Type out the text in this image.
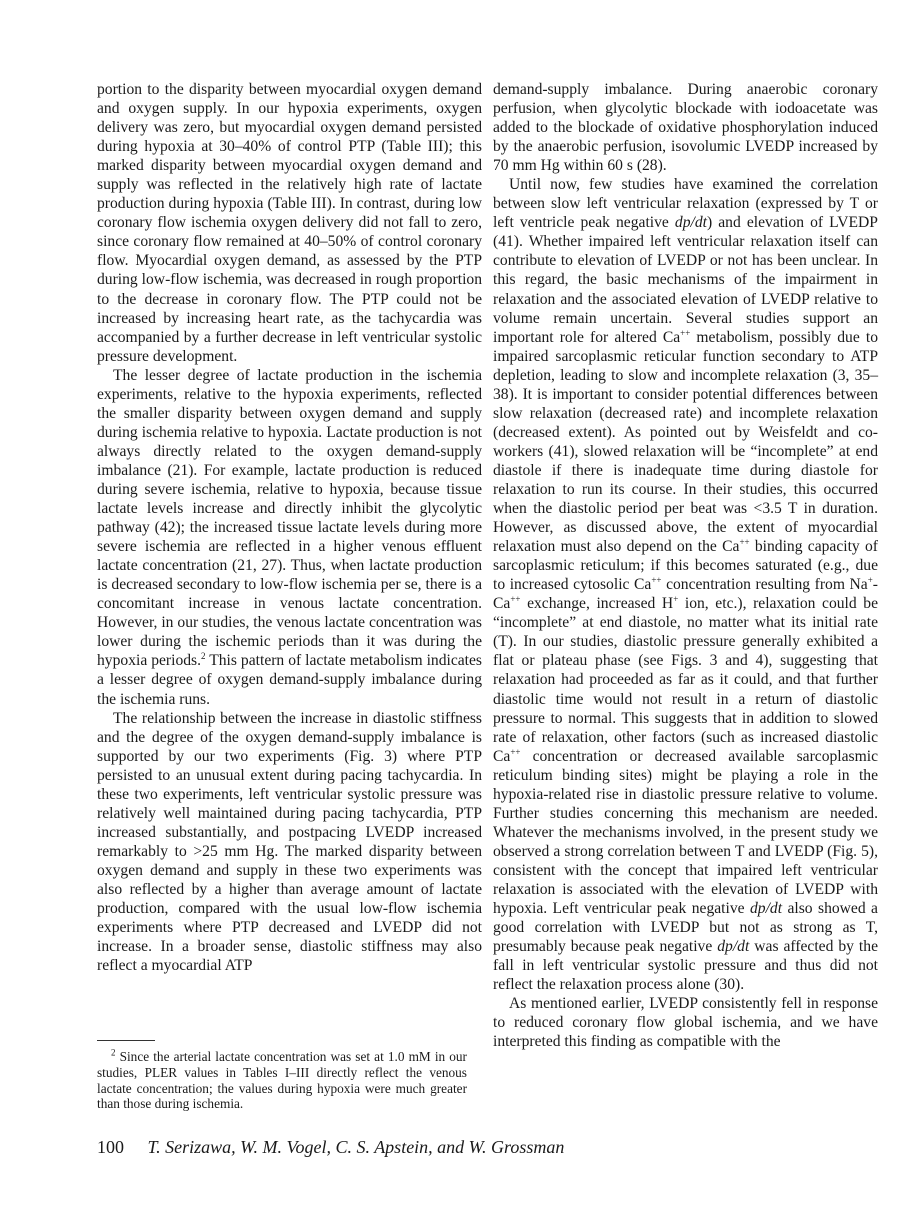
portion to the disparity between myocardial oxygen demand and oxygen supply. In our hypoxia experiments, oxygen delivery was zero, but myocardial oxygen demand persisted during hypoxia at 30–40% of control PTP (Table III); this marked disparity between myocardial oxygen demand and supply was reflected in the relatively high rate of lactate production during hypoxia (Table III). In contrast, during low coronary flow ischemia oxygen delivery did not fall to zero, since coronary flow remained at 40–50% of control coronary flow. Myocardial oxygen demand, as assessed by the PTP during low-flow ischemia, was decreased in rough proportion to the decrease in coronary flow. The PTP could not be increased by increasing heart rate, as the tachycardia was accompanied by a further decrease in left ventricular systolic pressure development.

The lesser degree of lactate production in the ischemia experiments, relative to the hypoxia experiments, reflected the smaller disparity between oxygen demand and supply during ischemia relative to hypoxia. Lactate production is not always directly related to the oxygen demand-supply imbalance (21). For example, lactate production is reduced during severe ischemia, relative to hypoxia, because tissue lactate levels increase and directly inhibit the glycolytic pathway (42); the increased tissue lactate levels during more severe ischemia are reflected in a higher venous effluent lactate concentration (21, 27). Thus, when lactate production is decreased secondary to low-flow ischemia per se, there is a concomitant increase in venous lactate concentration. However, in our studies, the venous lactate concentration was lower during the ischemic periods than it was during the hypoxia periods.$^2$ This pattern of lactate metabolism indicates a lesser degree of oxygen demand-supply imbalance during the ischemia runs.

The relationship between the increase in diastolic stiffness and the degree of the oxygen demand-supply imbalance is supported by our two experiments (Fig. 3) where PTP persisted to an unusual extent during pacing tachycardia. In these two experiments, left ventricular systolic pressure was relatively well maintained during pacing tachycardia, PTP increased substantially, and postpacing LVEDP increased remarkably to >25 mm Hg. The marked disparity between oxygen demand and supply in these two experiments was also reflected by a higher than average amount of lactate production, compared with the usual low-flow ischemia experiments where PTP decreased and LVEDP did not increase. In a broader sense, diastolic stiffness may also reflect a myocardial ATP

$^2$ Since the arterial lactate concentration was set at 1.0 mM in our studies, PLER values in Tables I–III directly reflect the venous lactate concentration; the values during hypoxia were much greater than those during ischemia.

demand-supply imbalance. During anaerobic coronary perfusion, when glycolytic blockade with iodoacetate was added to the blockade of oxidative phosphorylation induced by the anaerobic perfusion, isovolumic LVEDP increased by 70 mm Hg within 60 s (28).

Until now, few studies have examined the correlation between slow left ventricular relaxation (expressed by T or left ventricle peak negative dp/dt) and elevation of LVEDP (41). Whether impaired left ventricular relaxation itself can contribute to elevation of LVEDP or not has been unclear. In this regard, the basic mechanisms of the impairment in relaxation and the associated elevation of LVEDP relative to volume remain uncertain. Several studies support an important role for altered Ca++ metabolism, possibly due to impaired sarcoplasmic reticular function secondary to ATP depletion, leading to slow and incomplete relaxation (3, 35–38). It is important to consider potential differences between slow relaxation (decreased rate) and incomplete relaxation (decreased extent). As pointed out by Weisfeldt and co-workers (41), slowed relaxation will be “incomplete” at end diastole if there is inadequate time during diastole for relaxation to run its course. In their studies, this occurred when the diastolic period per beat was <3.5 T in duration. However, as discussed above, the extent of myocardial relaxation must also depend on the Ca++ binding capacity of sarcoplasmic reticulum; if this becomes saturated (e.g., due to increased cytosolic Ca++ concentration resulting from Na+-Ca++ exchange, increased H+ ion, etc.), relaxation could be “incomplete” at end diastole, no matter what its initial rate (T). In our studies, diastolic pressure generally exhibited a flat or plateau phase (see Figs. 3 and 4), suggesting that relaxation had proceeded as far as it could, and that further diastolic time would not result in a return of diastolic pressure to normal. This suggests that in addition to slowed rate of relaxation, other factors (such as increased diastolic Ca++ concentration or decreased available sarcoplasmic reticulum binding sites) might be playing a role in the hypoxia-related rise in diastolic pressure relative to volume. Further studies concerning this mechanism are needed. Whatever the mechanisms involved, in the present study we observed a strong correlation between T and LVEDP (Fig. 5), consistent with the concept that impaired left ventricular relaxation is associated with the elevation of LVEDP with hypoxia. Left ventricular peak negative dp/dt also showed a good correlation with LVEDP but not as strong as T, presumably because peak negative dp/dt was affected by the fall in left ventricular systolic pressure and thus did not reflect the relaxation process alone (30).

As mentioned earlier, LVEDP consistently fell in response to reduced coronary flow global ischemia, and we have interpreted this finding as compatible with the

100 T. Serizawa, W. M. Vogel, C. S. Apstein, and W. Grossman
